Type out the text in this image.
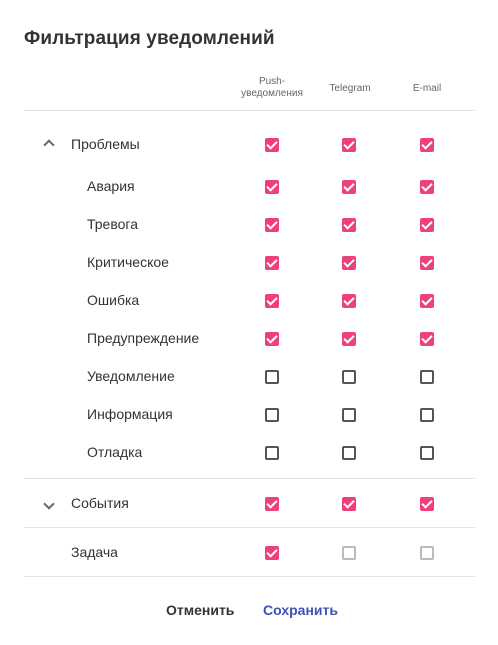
Фильтрация уведомлений
Push-
уведомления	Telegram	E-mail
Проблемы
Авария
Тревога
Критическое
Ошибка
Предупреждение
Уведомление
Информация
Отладка
События
Задача
Отменить Сохранить
